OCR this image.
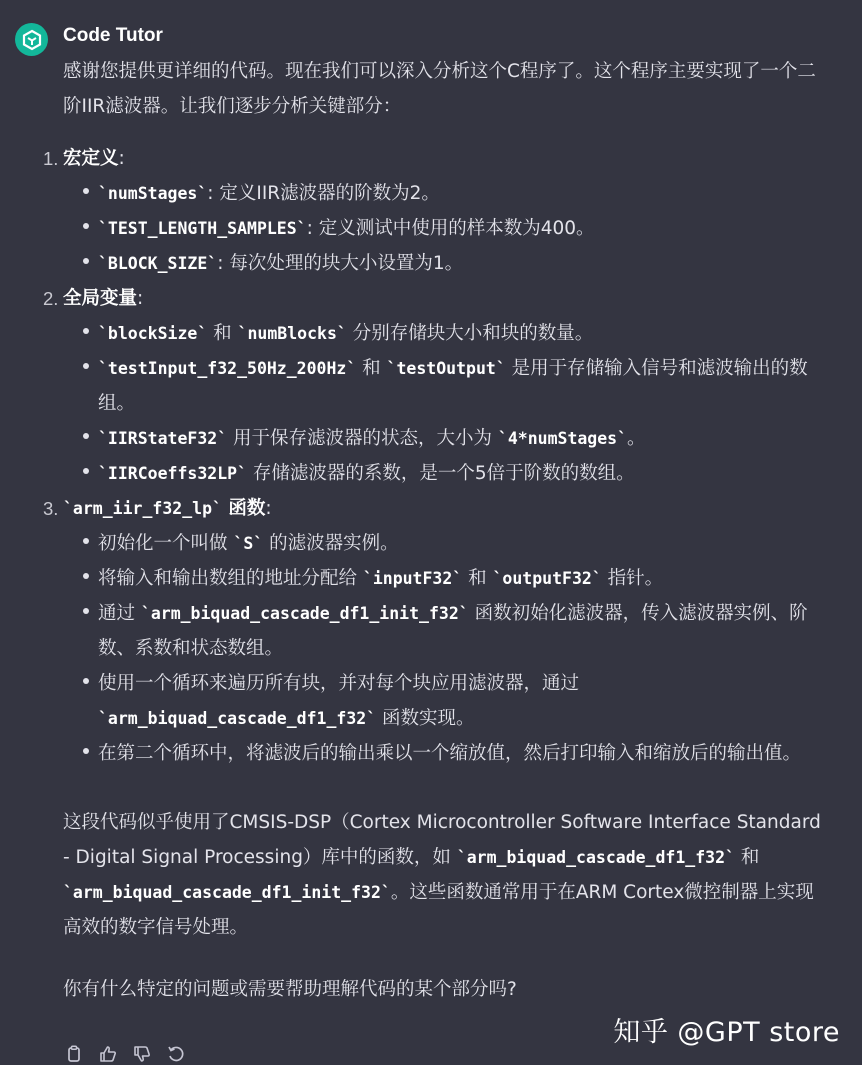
Code Tutor

感谢您提供更详细的代码。现在我们可以深入分析这个C程序了。这个程序主要实现了一个二阶IIR滤波器。让我们逐步分析关键部分：

1. 宏定义:
`numStages`: 定义IIR滤波器的阶数为2。
`TEST_LENGTH_SAMPLES`: 定义测试中使用的样本数为400。
`BLOCK_SIZE`: 每次处理的块大小设置为1。
2. 全局变量:
`blockSize` 和 `numBlocks` 分别存储块大小和块的数量。
`testInput_f32_50Hz_200Hz` 和 `testOutput` 是用于存储输入信号和滤波输出的数组。
`IIRStateF32` 用于保存滤波器的状态，大小为 `4*numStages`。
`IIRCoeffs32LP` 存储滤波器的系数，是一个5倍于阶数的数组。
3. `arm_iir_f32_lp` 函数:
初始化一个叫做 `S` 的滤波器实例。
将输入和输出数组的地址分配给 `inputF32` 和 `outputF32` 指针。
通过 `arm_biquad_cascade_df1_init_f32` 函数初始化滤波器，传入滤波器实例、阶数、系数和状态数组。
使用一个循环来遍历所有块，并对每个块应用滤波器，通过 `arm_biquad_cascade_df1_f32` 函数实现。
在第二个循环中，将滤波后的输出乘以一个缩放值，然后打印输入和缩放后的输出值。

这段代码似乎使用了CMSIS-DSP（Cortex Microcontroller Software Interface Standard - Digital Signal Processing）库中的函数，如 `arm_biquad_cascade_df1_f32` 和 `arm_biquad_cascade_df1_init_f32`。这些函数通常用于在ARM Cortex微控制器上实现高效的数字信号处理。

你有什么特定的问题或需要帮助理解代码的某个部分吗?

知乎 @GPT store
